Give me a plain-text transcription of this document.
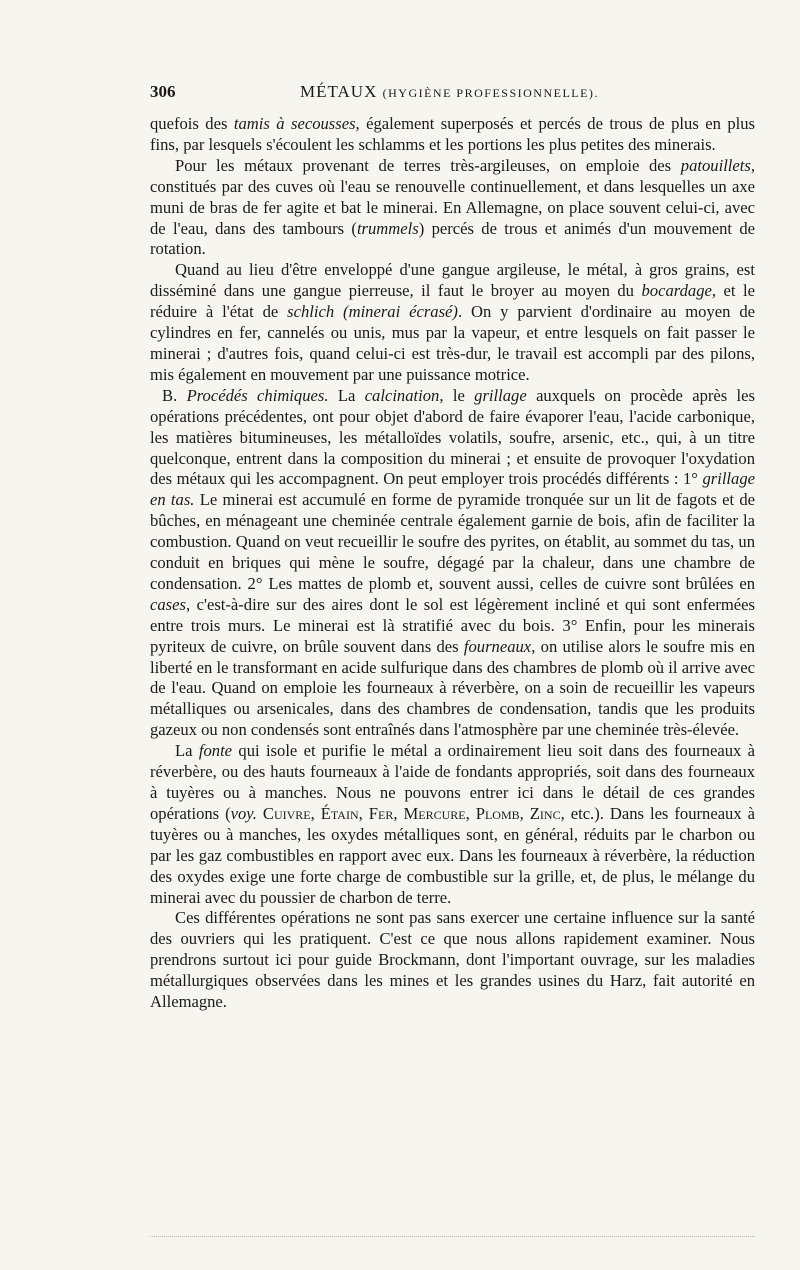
306	MÉTAUX (HYGIÈNE PROFESSIONNELLE).

quefois des tamis à secousses, également superposés et percés de trous de plus en plus fins, par lesquels s'écoulent les schlamms et les portions les plus petites des minerais.

Pour les métaux provenant de terres très-argileuses, on emploie des patouillets, constitués par des cuves où l'eau se renouvelle continuellement, et dans lesquelles un axe muni de bras de fer agite et bat le minerai. En Allemagne, on place souvent celui-ci, avec de l'eau, dans des tambours (trummels) percés de trous et animés d'un mouvement de rotation.

Quand au lieu d'être enveloppé d'une gangue argileuse, le métal, à gros grains, est disséminé dans une gangue pierreuse, il faut le broyer au moyen du bocardage, et le réduire à l'état de schlich (minerai écrasé). On y parvient d'ordinaire au moyen de cylindres en fer, cannelés ou unis, mus par la vapeur, et entre lesquels on fait passer le minerai ; d'autres fois, quand celui-ci est très-dur, le travail est accompli par des pilons, mis également en mouvement par une puissance motrice.

B. Procédés chimiques. La calcination, le grillage auxquels on procède après les opérations précédentes, ont pour objet d'abord de faire évaporer l'eau, l'acide carbonique, les matières bitumineuses, les métalloïdes volatils, soufre, arsenic, etc., qui, à un titre quelconque, entrent dans la composition du minerai ; et ensuite de provoquer l'oxydation des métaux qui les accompagnent. On peut employer trois procédés différents : 1° grillage en tas. Le minerai est accumulé en forme de pyramide tronquée sur un lit de fagots et de bûches, en ménageant une cheminée centrale également garnie de bois, afin de faciliter la combustion. Quand on veut recueillir le soufre des pyrites, on établit, au sommet du tas, un conduit en briques qui mène le soufre, dégagé par la chaleur, dans une chambre de condensation. 2° Les mattes de plomb et, souvent aussi, celles de cuivre sont brûlées en cases, c'est-à-dire sur des aires dont le sol est légèrement incliné et qui sont enfermées entre trois murs. Le minerai est là stratifié avec du bois. 3° Enfin, pour les minerais pyriteux de cuivre, on brûle souvent dans des fourneaux, on utilise alors le soufre mis en liberté en le transformant en acide sulfurique dans des chambres de plomb où il arrive avec de l'eau. Quand on emploie les fourneaux à réverbère, on a soin de recueillir les vapeurs métalliques ou arsenicales, dans des chambres de condensation, tandis que les produits gazeux ou non condensés sont entraînés dans l'atmosphère par une cheminée très-élevée.

La fonte qui isole et purifie le métal a ordinairement lieu soit dans des fourneaux à réverbère, ou des hauts fourneaux à l'aide de fondants appropriés, soit dans des fourneaux à tuyères ou à manches. Nous ne pouvons entrer ici dans le détail de ces grandes opérations (voy. Cuivre, Étain, Fer, Mercure, Plomb, Zinc, etc.). Dans les fourneaux à tuyères ou à manches, les oxydes métalliques sont, en général, réduits par le charbon ou par les gaz combustibles en rapport avec eux. Dans les fourneaux à réverbère, la réduction des oxydes exige une forte charge de combustible sur la grille, et, de plus, le mélange du minerai avec du poussier de charbon de terre.

Ces différentes opérations ne sont pas sans exercer une certaine influence sur la santé des ouvriers qui les pratiquent. C'est ce que nous allons rapidement examiner. Nous prendrons surtout ici pour guide Brockmann, dont l'important ouvrage, sur les maladies métallurgiques observées dans les mines et les grandes usines du Harz, fait autorité en Allemagne.
